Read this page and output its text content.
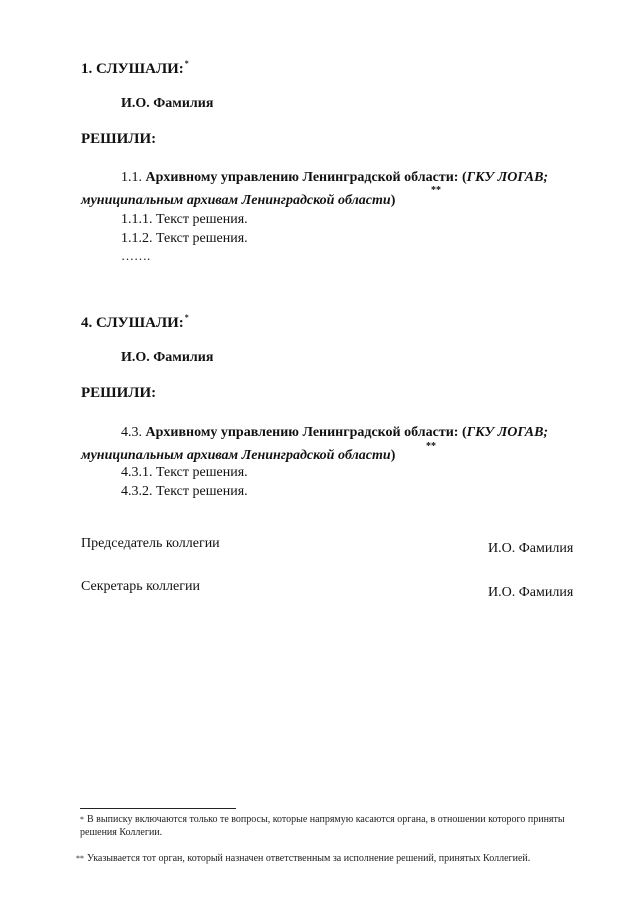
1. СЛУШАЛИ:*
И.О. Фамилия
РЕШИЛИ:
1.1. Архивному управлению Ленинградской области: (ГКУ ЛОГАВ;
муниципальным архивам Ленинградской области)
**
1.1.1. Текст решения.
1.1.2. Текст решения.
…….
4. СЛУШАЛИ:*
И.О. Фамилия
РЕШИЛИ:
4.3. Архивному управлению Ленинградской области: (ГКУ ЛОГАВ;
муниципальным архивам Ленинградской области)
**
4.3.1. Текст решения.
4.3.2. Текст решения.
Председатель коллегии	И.О. Фамилия
Секретарь коллегии	И.О. Фамилия
* В выписку включаются только те вопросы, которые напрямую касаются органа, в отношении которого приняты решения Коллегии.
** Указывается тот орган, который назначен ответственным за исполнение решений, принятых Коллегией.
